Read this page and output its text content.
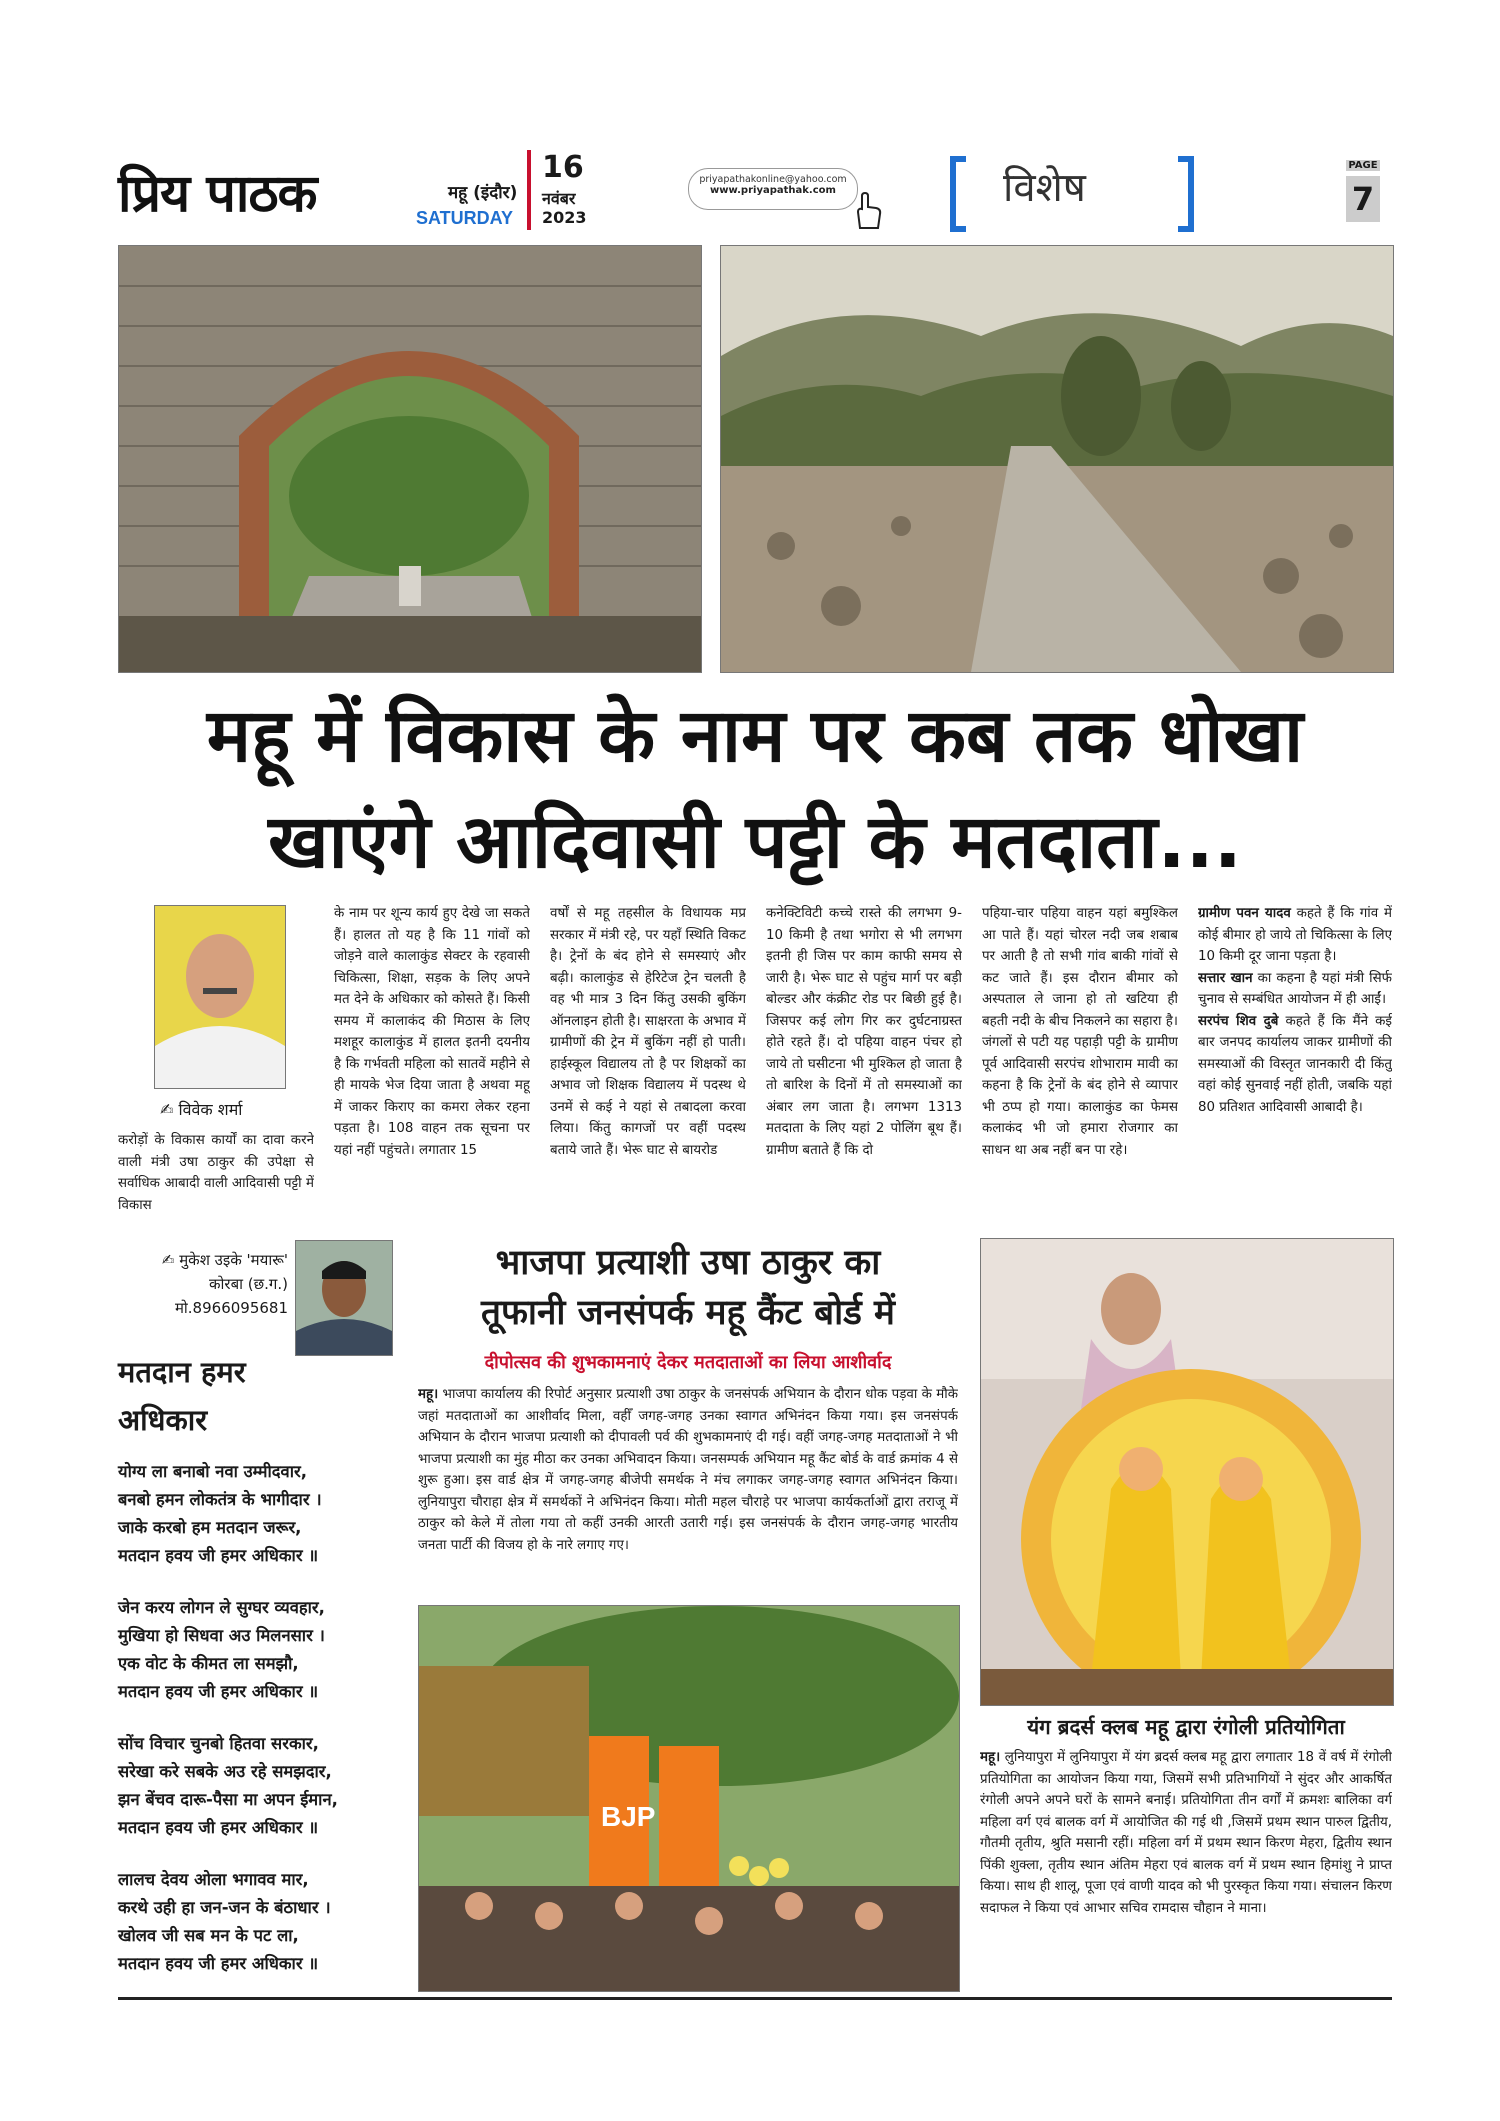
प्रिय पाठक	महू (इंदौर)
SATURDAY
16
नवंबर
2023
priyapathakonline@yahoo.com
www.priyapathak.com	विशेष	PAGE
7
महू में विकास के नाम पर कब तक धोखा
खाएंगे आदिवासी पट्टी के मतदाता...
✍ विवेक शर्मा
करोड़ों के विकास कार्यों का दावा करने वाली मंत्री उषा ठाकुर की उपेक्षा से सर्वाधिक आबादी वाली आदिवासी पट्टी में विकास
के नाम पर शून्य कार्य हुए देखे जा सकते हैं। हालत तो यह है कि 11 गांवों को जोड़ने वाले कालाकुंड सेक्टर के रहवासी चिकित्सा, शिक्षा, सड़क के लिए अपने मत देने के अधिकार को कोसते हैं। किसी समय में कालाकंद की मिठास के लिए मशहूर कालाकुंड में हालत इतनी दयनीय है कि गर्भवती महिला को सातवें महीने से ही मायके भेज दिया जाता है अथवा महू में जाकर किराए का कमरा लेकर रहना पड़ता है। 108 वाहन तक सूचना पर यहां नहीं पहुंचते। लगातार 15
वर्षों से महू तहसील के विधायक मप्र सरकार में मंत्री रहे, पर यहाँ स्थिति विकट है। ट्रेनों के बंद होने से समस्याएं और बढ़ी। कालाकुंड से हेरिटेज ट्रेन चलती है वह भी मात्र 3 दिन किंतु उसकी बुकिंग ऑनलाइन होती है। साक्षरता के अभाव में ग्रामीणों की ट्रेन में बुकिंग नहीं हो पाती। हाईस्कूल विद्यालय तो है पर शिक्षकों का अभाव जो शिक्षक विद्यालय में पदस्थ थे उनमें से कई ने यहां से तबादला करवा लिया। किंतु कागजों पर वहीं पदस्थ बताये जाते हैं। भेरू घाट से बायरोड
कनेक्टिविटी कच्चे रास्ते की लगभग 9-10 किमी है तथा भगोरा से भी लगभग इतनी ही जिस पर काम काफी समय से जारी है। भेरू घाट से पहुंच मार्ग पर बड़ी बोल्डर और कंक्रीट रोड पर बिछी हुई है। जिसपर कई लोग गिर कर दुर्घटनाग्रस्त होते रहते हैं। दो पहिया वाहन पंचर हो जाये तो घसीटना भी मुश्किल हो जाता है तो बारिश के दिनों में तो समस्याओं का अंबार लग जाता है। लगभग 1313 मतदाता के लिए यहां 2 पोलिंग बूथ हैं। ग्रामीण बताते हैं कि दो
पहिया-चार पहिया वाहन यहां बमुश्किल आ पाते हैं। यहां चोरल नदी जब शबाब पर आती है तो सभी गांव बाकी गांवों से कट जाते हैं। इस दौरान बीमार को अस्पताल ले जाना हो तो खटिया ही बहती नदी के बीच निकलने का सहारा है। जंगलों से पटी यह पहाड़ी पट्टी के ग्रामीण पूर्व आदिवासी सरपंच शोभाराम मावी का कहना है कि ट्रेनों के बंद होने से व्यापार भी ठप्प हो गया। कालाकुंड का फेमस कलाकंद भी जो हमारा रोजगार का साधन था अब नहीं बन पा रहे।
ग्रामीण पवन यादव कहते हैं कि गांव में कोई बीमार हो जाये तो चिकित्सा के लिए 10 किमी दूर जाना पड़ता है।
सत्तार खान का कहना है यहां मंत्री सिर्फ चुनाव से सम्बंधित आयोजन में ही आईं।
सरपंच शिव दुबे कहते हैं कि मैंने कई बार जनपद कार्यालय जाकर ग्रामीणों की समस्याओं की विस्तृत जानकारी दी किंतु वहां कोई सुनवाई नहीं होती, जबकि यहां 80 प्रतिशत आदिवासी आबादी है।
✍ मुकेश उइके 'मयारू'
कोरबा (छ.ग.)
मो.8966095681
मतदान हमर
अधिकार

योग्य ला बनाबो नवा उम्मीदवार,
बनबो हमन लोकतंत्र के भागीदार ।
जाके करबो हम मतदान जरूर,
मतदान हवय जी हमर अधिकार ॥

जेन करय लोगन ले सुग्घर व्यवहार,
मुखिया हो सिधवा अउ मिलनसार ।
एक वोट के कीमत ला समझौ,
मतदान हवय जी हमर अधिकार ॥

सोंच विचार चुनबो हितवा सरकार,
सरेखा करे सबके अउ रहे समझदार,
झन बेंचव दारू-पैसा मा अपन ईमान,
मतदान हवय जी हमर अधिकार ॥

लालच देवय ओला भगावव मार,
करथे उही हा जन-जन के बंठाधार ।
खोलव जी सब मन के पट ला,
मतदान हवय जी हमर अधिकार ॥

भाजपा प्रत्याशी उषा ठाकुर का
तूफानी जनसंपर्क महू कैंट बोर्ड में
दीपोत्सव की शुभकामनाएं देकर मतदाताओं का लिया आशीर्वाद
महू। भाजपा कार्यालय की रिपोर्ट अनुसार प्रत्याशी उषा ठाकुर के जनसंपर्क अभियान के दौरान धोक पड़वा के मौके जहां मतदाताओं का आशीर्वाद मिला, वहीँ जगह-जगह उनका स्वागत अभिनंदन किया गया। इस जनसंपर्क अभियान के दौरान भाजपा प्रत्याशी को दीपावली पर्व की शुभकामनाएं दी गई। वहीं जगह-जगह मतदाताओं ने भी भाजपा प्रत्याशी का मुंह मीठा कर उनका अभिवादन किया। जनसम्पर्क अभियान महू कैंट बोर्ड के वार्ड क्रमांक 4 से शुरू हुआ। इस वार्ड क्षेत्र में जगह-जगह बीजेपी समर्थक ने मंच लगाकर जगह-जगह स्वागत अभिनंदन किया। लुनियापुरा चौराहा क्षेत्र में समर्थकों ने अभिनंदन किया। मोती महल चौराहे पर भाजपा कार्यकर्ताओं द्वारा तराजू में ठाकुर को केले में तोला गया तो कहीं उनकी आरती उतारी गई। इस जनसंपर्क के दौरान जगह-जगह भारतीय जनता पार्टी की विजय हो के नारे लगाए गए।
BJP
यंग ब्रदर्स क्लब महू द्वारा रंगोली प्रतियोगिता
महू। लुनियापुरा में लुनियापुरा में यंग ब्रदर्स क्लब महू द्वारा लगातार 18 वें वर्ष में रंगोली प्रतियोगिता का आयोजन किया गया, जिसमें सभी प्रतिभागियों ने सुंदर और आकर्षित रंगोली अपने अपने घरों के सामने बनाई। प्रतियोगिता तीन वर्गों में क्रमशः बालिका वर्ग महिला वर्ग एवं बालक वर्ग में आयोजित की गई थी ,जिसमें प्रथम स्थान पारुल द्वितीय, गौतमी तृतीय, श्रुति मसानी रहीं। महिला वर्ग में प्रथम स्थान किरण मेहरा, द्वितीय स्थान पिंकी शुक्ला, तृतीय स्थान अंतिम मेहरा एवं बालक वर्ग में प्रथम स्थान हिमांशु ने प्राप्त किया। साथ ही शालू, पूजा एवं वाणी यादव को भी पुरस्कृत किया गया। संचालन किरण सदाफल ने किया एवं आभार सचिव रामदास चौहान ने माना।
